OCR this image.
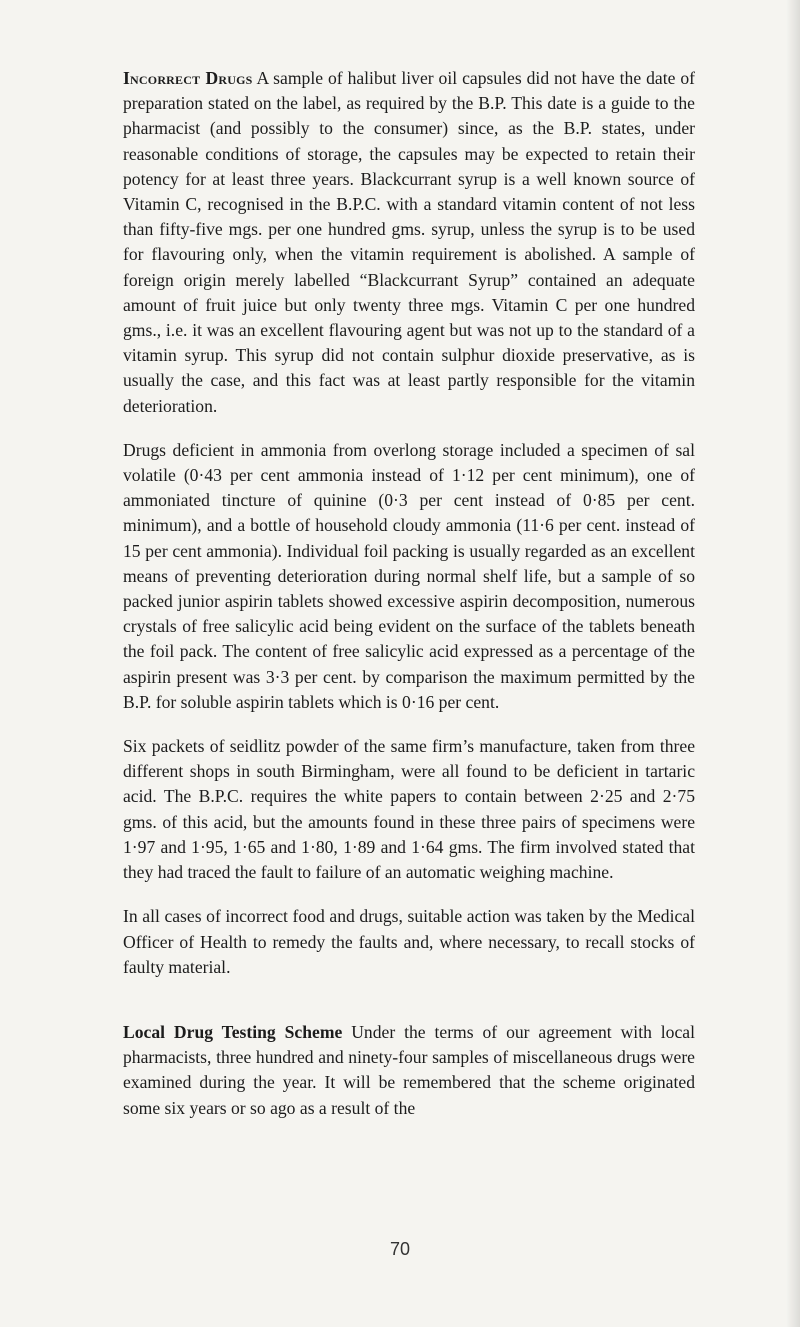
Incorrect Drugs A sample of halibut liver oil capsules did not have the date of preparation stated on the label, as required by the B.P. This date is a guide to the pharmacist (and possibly to the consumer) since, as the B.P. states, under reasonable conditions of storage, the capsules may be expected to retain their potency for at least three years. Blackcurrant syrup is a well known source of Vitamin C, recognised in the B.P.C. with a standard vitamin content of not less than fifty-five mgs. per one hundred gms. syrup, unless the syrup is to be used for flavouring only, when the vitamin requirement is abolished. A sample of foreign origin merely labelled “Blackcurrant Syrup” contained an adequate amount of fruit juice but only twenty three mgs. Vitamin C per one hundred gms., i.e. it was an excellent flavouring agent but was not up to the standard of a vitamin syrup. This syrup did not contain sulphur dioxide preservative, as is usually the case, and this fact was at least partly responsible for the vitamin deterioration.

Drugs deficient in ammonia from overlong storage included a specimen of sal volatile (0·43 per cent ammonia instead of 1·12 per cent minimum), one of ammoniated tincture of quinine (0·3 per cent instead of 0·85 per cent. minimum), and a bottle of household cloudy ammonia (11·6 per cent. instead of 15 per cent ammonia). Individual foil packing is usually regarded as an excellent means of preventing deterioration during normal shelf life, but a sample of so packed junior aspirin tablets showed excessive aspirin decomposition, numerous crystals of free salicylic acid being evident on the surface of the tablets beneath the foil pack. The content of free salicylic acid expressed as a percentage of the aspirin present was 3·3 per cent. by comparison the maximum permitted by the B.P. for soluble aspirin tablets which is 0·16 per cent.

Six packets of seidlitz powder of the same firm’s manufacture, taken from three different shops in south Birmingham, were all found to be deficient in tartaric acid. The B.P.C. requires the white papers to contain between 2·25 and 2·75 gms. of this acid, but the amounts found in these three pairs of specimens were 1·97 and 1·95, 1·65 and 1·80, 1·89 and 1·64 gms. The firm involved stated that they had traced the fault to failure of an automatic weighing machine.

In all cases of incorrect food and drugs, suitable action was taken by the Medical Officer of Health to remedy the faults and, where necessary, to recall stocks of faulty material.

Local Drug Testing Scheme Under the terms of our agreement with local pharmacists, three hundred and ninety-four samples of miscellaneous drugs were examined during the year. It will be remembered that the scheme originated some six years or so ago as a result of the

70
